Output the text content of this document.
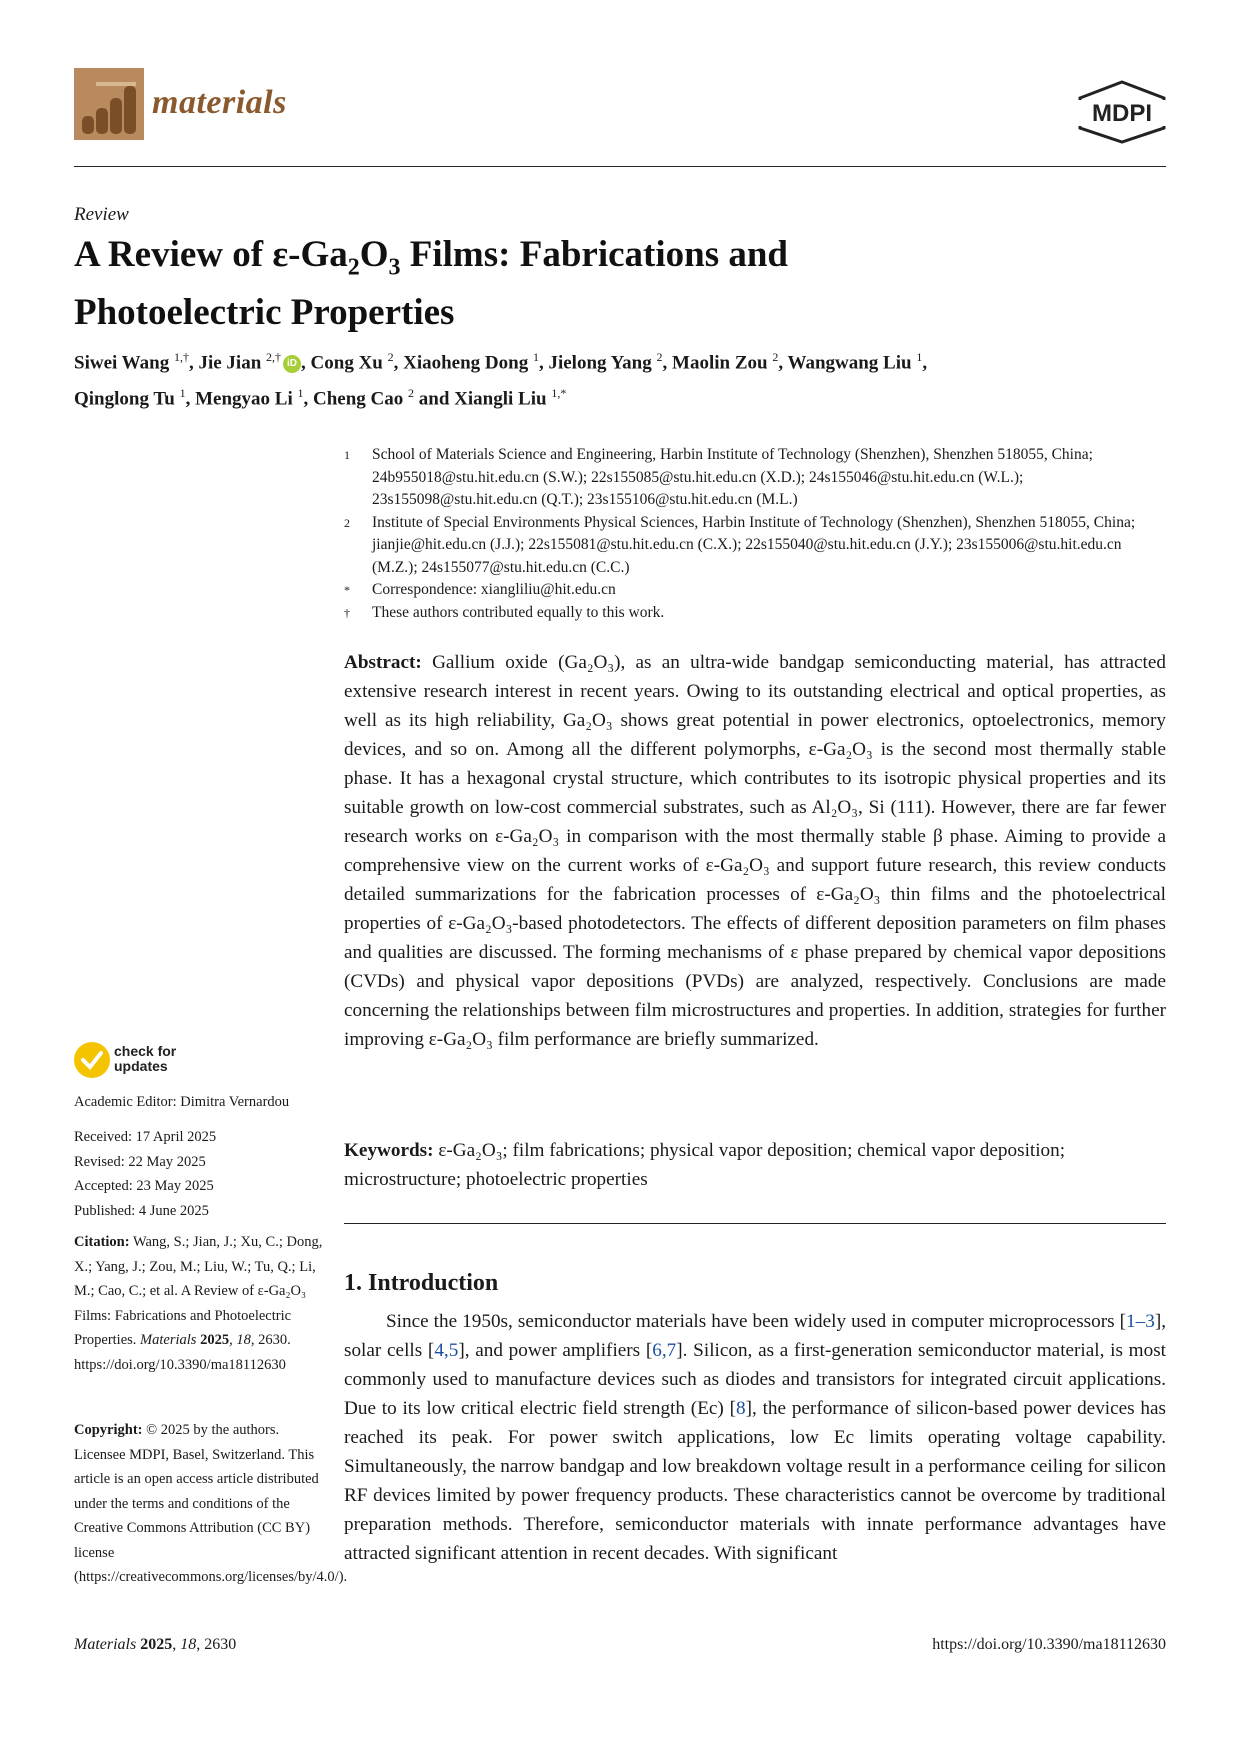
materials	MDPI
Review
A Review of $\varepsilon-Ga_2O_3$ Films: Fabrications and
Photoelectric Properties
Siwei Wang $^{1,\dagger}$, Jie Jian $^{2,\dagger}$ iD , Cong Xu $^2$, Xiaoheng Dong $^1$, Jielong Yang $^2$, Maolin Zou $^2$, Wangwang Liu $^1$,
Qinglong Tu $^1$, Mengyao Li $^1$, Cheng Cao $^2$ and Xiangli Liu $^{1,*}$
1	School of Materials Science and Engineering, Harbin Institute of Technology (Shenzhen), Shenzhen 518055, China; 24b955018@stu.hit.edu.cn (S.W.); 22s155085@stu.hit.edu.cn (X.D.); 24s155046@stu.hit.edu.cn (W.L.); 23s155098@stu.hit.edu.cn (Q.T.); 23s155106@stu.hit.edu.cn (M.L.)
2	Institute of Special Environments Physical Sciences, Harbin Institute of Technology (Shenzhen), Shenzhen 518055, China; jianjie@hit.edu.cn (J.J.); 22s155081@stu.hit.edu.cn (C.X.); 22s155040@stu.hit.edu.cn (J.Y.); 23s155006@stu.hit.edu.cn (M.Z.); 24s155077@stu.hit.edu.cn (C.C.)
*	Correspondence: xiangliliu@hit.edu.cn
†	These authors contributed equally to this work.
Abstract: Gallium oxide (Ga₂O₃), as an ultra-wide bandgap semiconducting material, has attracted extensive research interest in recent years. Owing to its outstanding electrical and optical properties, as well as its high reliability, Ga₂O₃ shows great potential in power electronics, optoelectronics, memory devices, and so on. Among all the different polymorphs, ε-Ga₂O₃ is the second most thermally stable phase. It has a hexagonal crystal structure, which contributes to its isotropic physical properties and its suitable growth on low-cost commercial substrates, such as Al₂O₃, Si (111). However, there are far fewer research works on ε-Ga₂O₃ in comparison with the most thermally stable β phase. Aiming to provide a comprehensive view on the current works of ε-Ga₂O₃ and support future research, this review conducts detailed summarizations for the fabrication processes of ε-Ga₂O₃ thin films and the photoelectrical properties of ε-Ga₂O₃-based photodetectors. The effects of different deposition parameters on film phases and qualities are discussed. The forming mechanisms of ε phase prepared by chemical vapor depositions (CVDs) and physical vapor depositions (PVDs) are analyzed, respectively. Conclusions are made concerning the relationships between film microstructures and properties. In addition, strategies for further improving ε-Ga₂O₃ film performance are briefly summarized.
Keywords: ε-Ga₂O₃; film fabrications; physical vapor deposition; chemical vapor deposition; microstructure; photoelectric properties
1. Introduction
Since the 1950s, semiconductor materials have been widely used in computer microprocessors [1–3], solar cells [4,5], and power amplifiers [6,7]. Silicon, as a first-generation semiconductor material, is most commonly used to manufacture devices such as diodes and transistors for integrated circuit applications. Due to its low critical electric field strength (Ec) [8], the performance of silicon-based power devices has reached its peak. For power switch applications, low Ec limits operating voltage capability. Simultaneously, the narrow bandgap and low breakdown voltage result in a performance ceiling for silicon RF devices limited by power frequency products. These characteristics cannot be overcome by traditional preparation methods. Therefore, semiconductor materials with innate performance advantages have attracted significant attention in recent decades. With significant
check for
updates
Academic Editor: Dimitra Vernardou
Received: 17 April 2025
Revised: 22 May 2025
Accepted: 23 May 2025
Published: 4 June 2025
Citation: Wang, S.; Jian, J.; Xu, C.; Dong, X.; Yang, J.; Zou, M.; Liu, W.; Tu, Q.; Li, M.; Cao, C.; et al. A Review of ε-Ga₂O₃ Films: Fabrications and Photoelectric Properties. Materials 2025, 18, 2630. https://doi.org/10.3390/ma18112630
Copyright: © 2025 by the authors. Licensee MDPI, Basel, Switzerland. This article is an open access article distributed under the terms and conditions of the Creative Commons Attribution (CC BY) license (https://creativecommons.org/licenses/by/4.0/).
Materials 2025, 18, 2630	https://doi.org/10.3390/ma18112630
